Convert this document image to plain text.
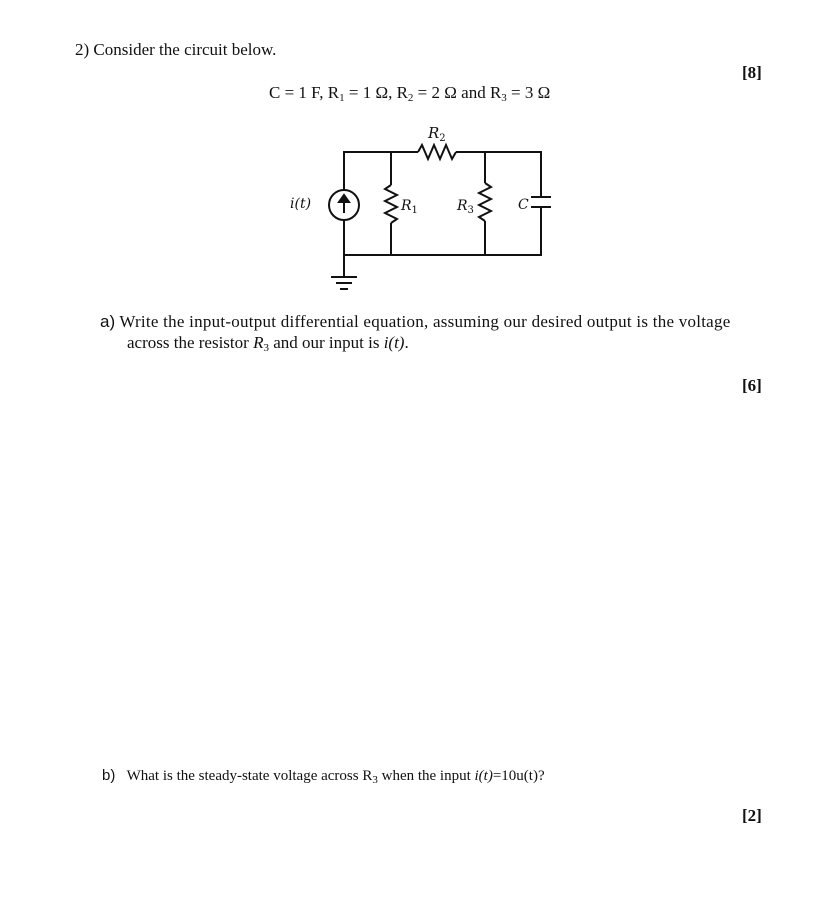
2) Consider the circuit below.
[8]
C = 1 F, $R_1 = 1$ Ω, $R_2 = 2$ Ω and $R_3 = 3$ Ω
i(t)
$R_2$
$R_1$	$R_3$	C
a) Write the input-output differential equation, assuming our desired output is the voltage
across the resistor $R_3$ and our input is i(t).
[6]
b) What is the steady-state voltage across $R_3$ when the input i(t)=10u(t)?
[2]
